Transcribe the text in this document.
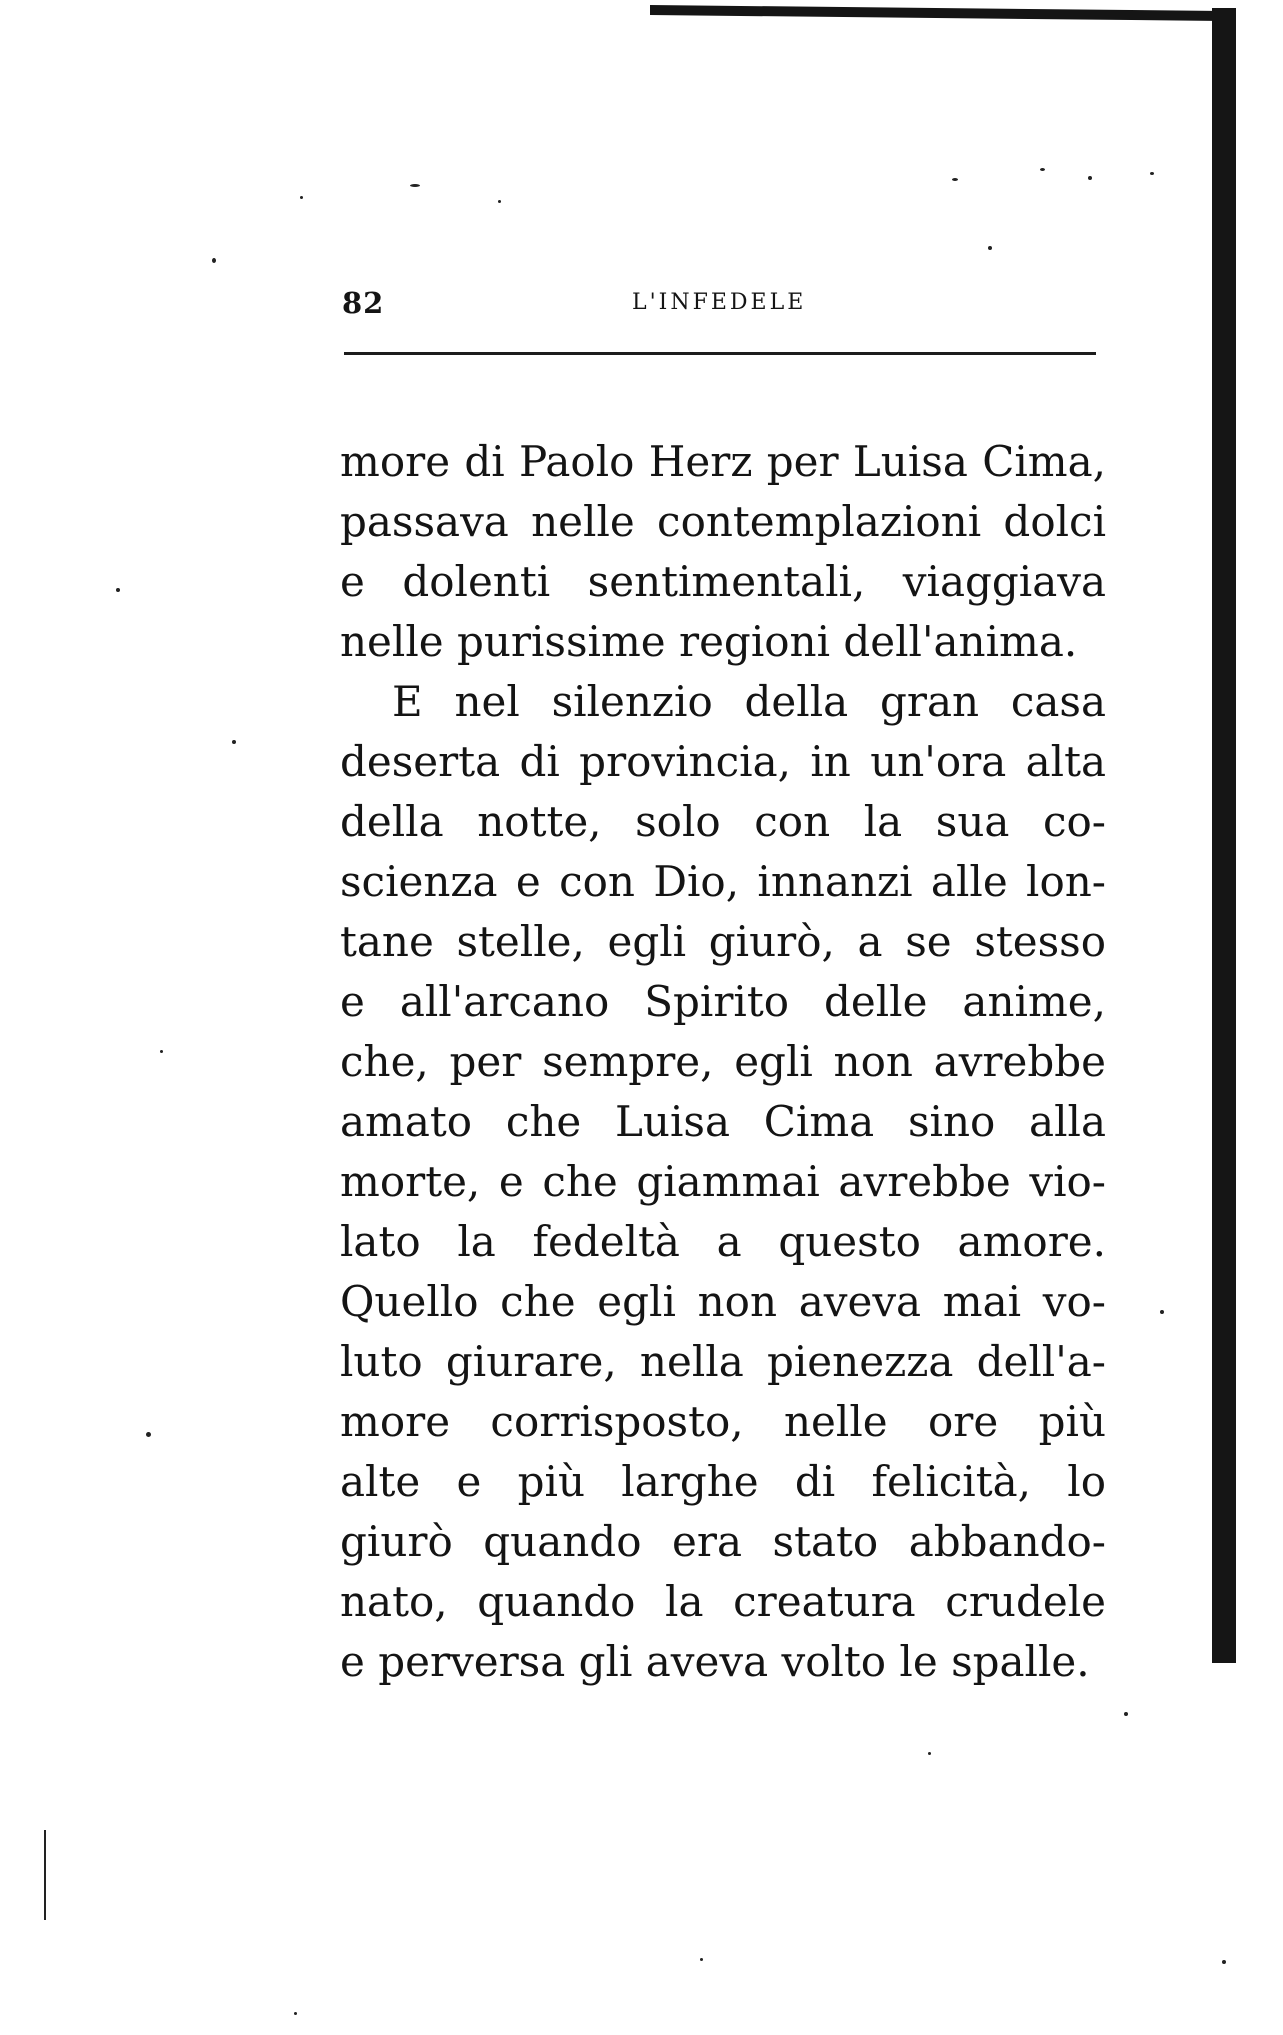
82	L'INFEDELE
more di Paolo Herz per Luisa Cima,
passava nelle contemplazioni dolci
e dolenti sentimentali, viaggiava
nelle purissime regioni dell'anima.
E nel silenzio della gran casa
deserta di provincia, in un'ora alta
della notte, solo con la sua co-
scienza e con Dio, innanzi alle lon-
tane stelle, egli giurò, a se stesso
e all'arcano Spirito delle anime,
che, per sempre, egli non avrebbe
amato che Luisa Cima sino alla
morte, e che giammai avrebbe vio-
lato la fedeltà a questo amore.
Quello che egli non aveva mai vo-
luto giurare, nella pienezza dell'a-
more corrisposto, nelle ore più
alte e più larghe di felicità, lo
giurò quando era stato abbando-
nato, quando la creatura crudele
e perversa gli aveva volto le spalle.
